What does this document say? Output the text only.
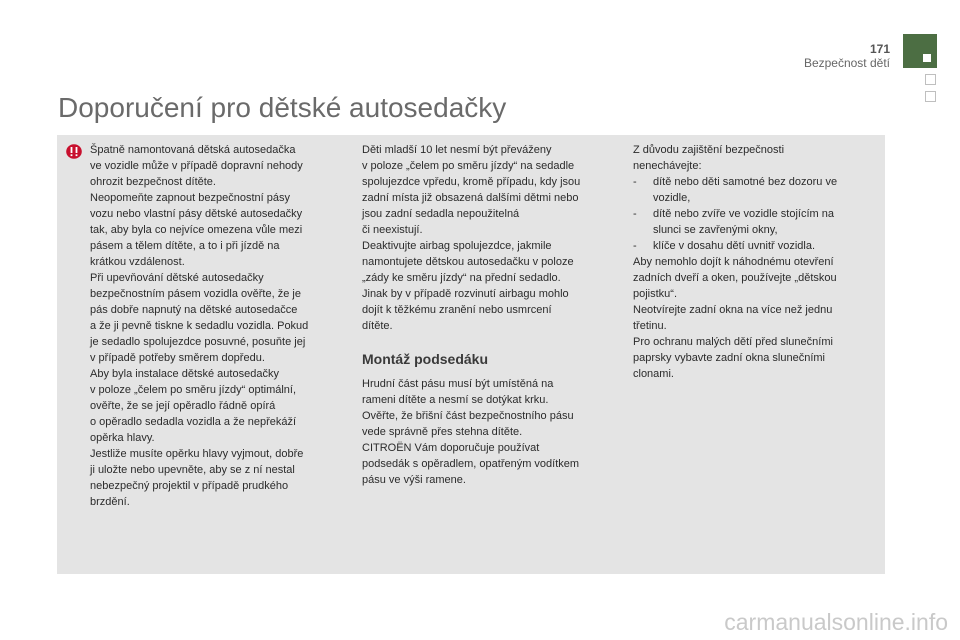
171
Bezpečnost dětí
Doporučení pro dětské autosedačky

Špatně namontovaná dětská autosedačka

ve vozidle může v případě dopravní nehody

ohrozit bezpečnost dítěte.

Neopomeňte zapnout bezpečnostní pásy

vozu nebo vlastní pásy dětské autosedačky

tak, aby byla co nejvíce omezena vůle mezi

pásem a tělem dítěte, a to i při jízdě na

krátkou vzdálenost.

Při upevňování dětské autosedačky

bezpečnostním pásem vozidla ověřte, že je

pás dobře napnutý na dětské autosedačce

a že ji pevně tiskne k sedadlu vozidla. Pokud

je sedadlo spolujezdce posuvné, posuňte jej

v případě potřeby směrem dopředu.

Aby byla instalace dětské autosedačky

v poloze „čelem po směru jízdy“ optimální,

ověřte, že se její opěradlo řádně opírá

o opěradlo sedadla vozidla a že nepřekáží

opěrka hlavy.

Jestliže musíte opěrku hlavy vyjmout, dobře

ji uložte nebo upevněte, aby se z ní nestal

nebezpečný projektil v případě prudkého

brzdění.

Děti mladší 10 let nesmí být převáženy

v poloze „čelem po směru jízdy“ na sedadle

spolujezdce vpředu, kromě případu, kdy jsou

zadní místa již obsazená dalšími dětmi nebo

jsou zadní sedadla nepoužitelná

či neexistují.

Deaktivujte airbag spolujezdce, jakmile

namontujete dětskou autosedačku v poloze

„zády ke směru jízdy“ na přední sedadlo.

Jinak by v případě rozvinutí airbagu mohlo

dojít k těžkému zranění nebo usmrcení

dítěte.

Montáž podsedáku

Hrudní část pásu musí být umístěná na

rameni dítěte a nesmí se dotýkat krku.

Ověřte, že břišní část bezpečnostního pásu

vede správně přes stehna dítěte.

CITROËN Vám doporučuje používat

podsedák s opěradlem, opatřeným vodítkem

pásu ve výši ramene.

Z důvodu zajištění bezpečnosti

nenechávejte:

-	dítě nebo děti samotné bez dozoru ve

vozidle,

-	dítě nebo zvíře ve vozidle stojícím na

slunci se zavřenými okny,

-	klíče v dosahu dětí uvnitř vozidla.

Aby nemohlo dojít k náhodnému otevření

zadních dveří a oken, používejte „dětskou

pojistku“.

Neotvírejte zadní okna na více než jednu

třetinu.

Pro ochranu malých dětí před slunečními

paprsky vybavte zadní okna slunečními

clonami.

carmanualsonline.info
